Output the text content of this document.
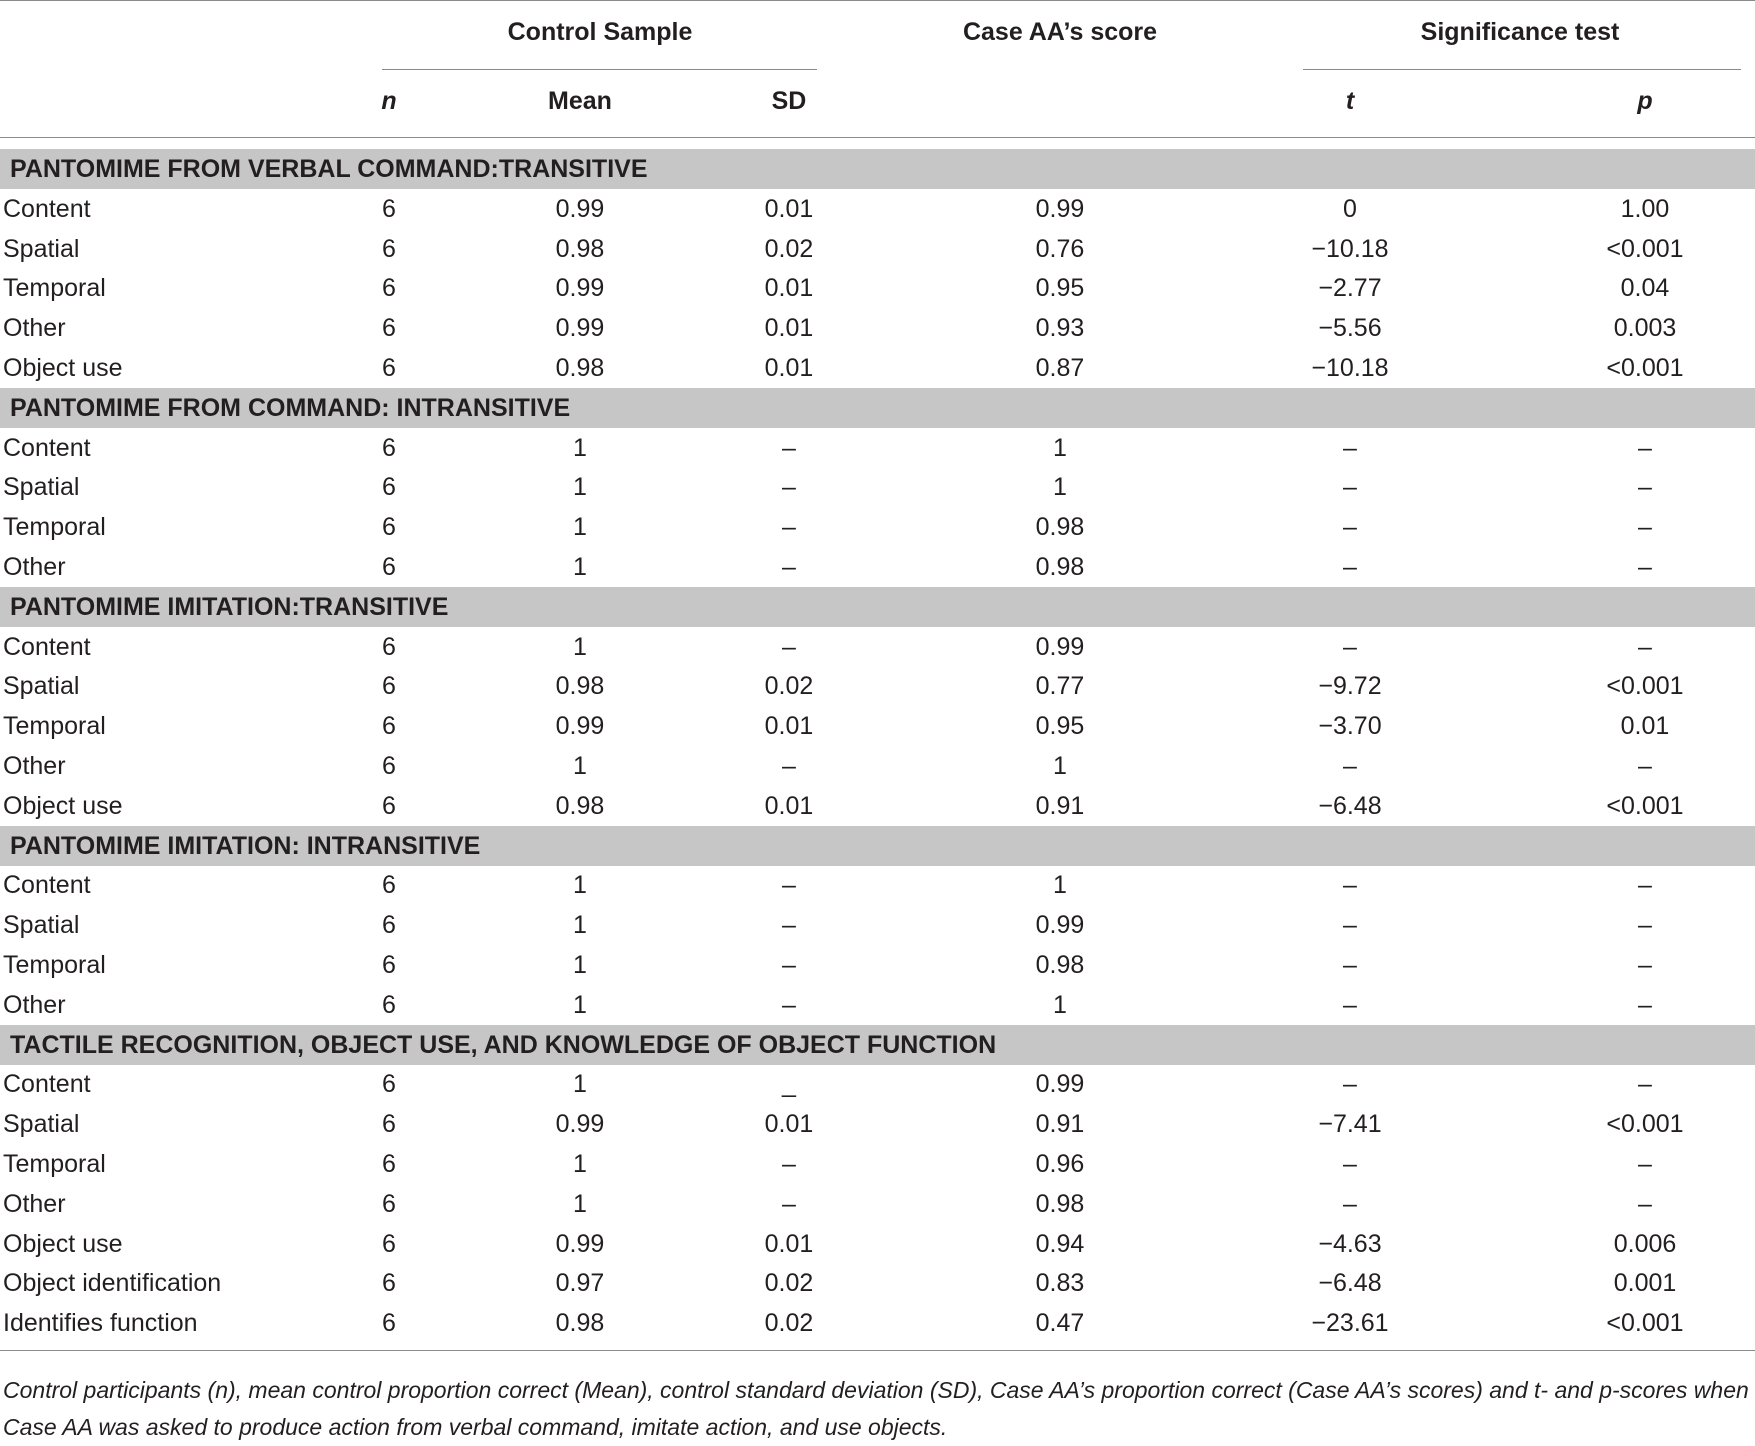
Control Sample	Case AA’s score	Significance test
n	Mean	SD	t	p
PANTOMIME FROM VERBAL COMMAND:TRANSITIVE
Content	6	0.99	0.01	0.99	0	1.00
Spatial	6	0.98	0.02	0.76	−10.18	<0.001
Temporal	6	0.99	0.01	0.95	−2.77	0.04
Other	6	0.99	0.01	0.93	−5.56	0.003
Object use	6	0.98	0.01	0.87	−10.18	<0.001
PANTOMIME FROM COMMAND: INTRANSITIVE
Content	6	1	–	1	–	–
Spatial	6	1	–	1	–	–
Temporal	6	1	–	0.98	–	–
Other	6	1	–	0.98	–	–
PANTOMIME IMITATION:TRANSITIVE
Content	6	1	–	0.99	–	–
Spatial	6	0.98	0.02	0.77	−9.72	<0.001
Temporal	6	0.99	0.01	0.95	−3.70	0.01
Other	6	1	–	1	–	–
Object use	6	0.98	0.01	0.91	−6.48	<0.001
PANTOMIME IMITATION: INTRANSITIVE
Content	6	1	–	1	–	–
Spatial	6	1	–	0.99	–	–
Temporal	6	1	–	0.98	–	–
Other	6	1	–	1	–	–
TACTILE RECOGNITION, OBJECT USE, AND KNOWLEDGE OF OBJECT FUNCTION
Content	6	1	_	0.99	–	–
Spatial	6	0.99	0.01	0.91	−7.41	<0.001
Temporal	6	1	–	0.96	–	–
Other	6	1	–	0.98	–	–
Object use	6	0.99	0.01	0.94	−4.63	0.006
Object identification	6	0.97	0.02	0.83	−6.48	0.001
Identifies function	6	0.98	0.02	0.47	−23.61	<0.001
Control participants (n), mean control proportion correct (Mean), control standard deviation (SD), Case AA’s proportion correct (Case AA’s scores) and t- and p-scores when Case AA was asked to produce action from verbal command, imitate action, and use objects.
